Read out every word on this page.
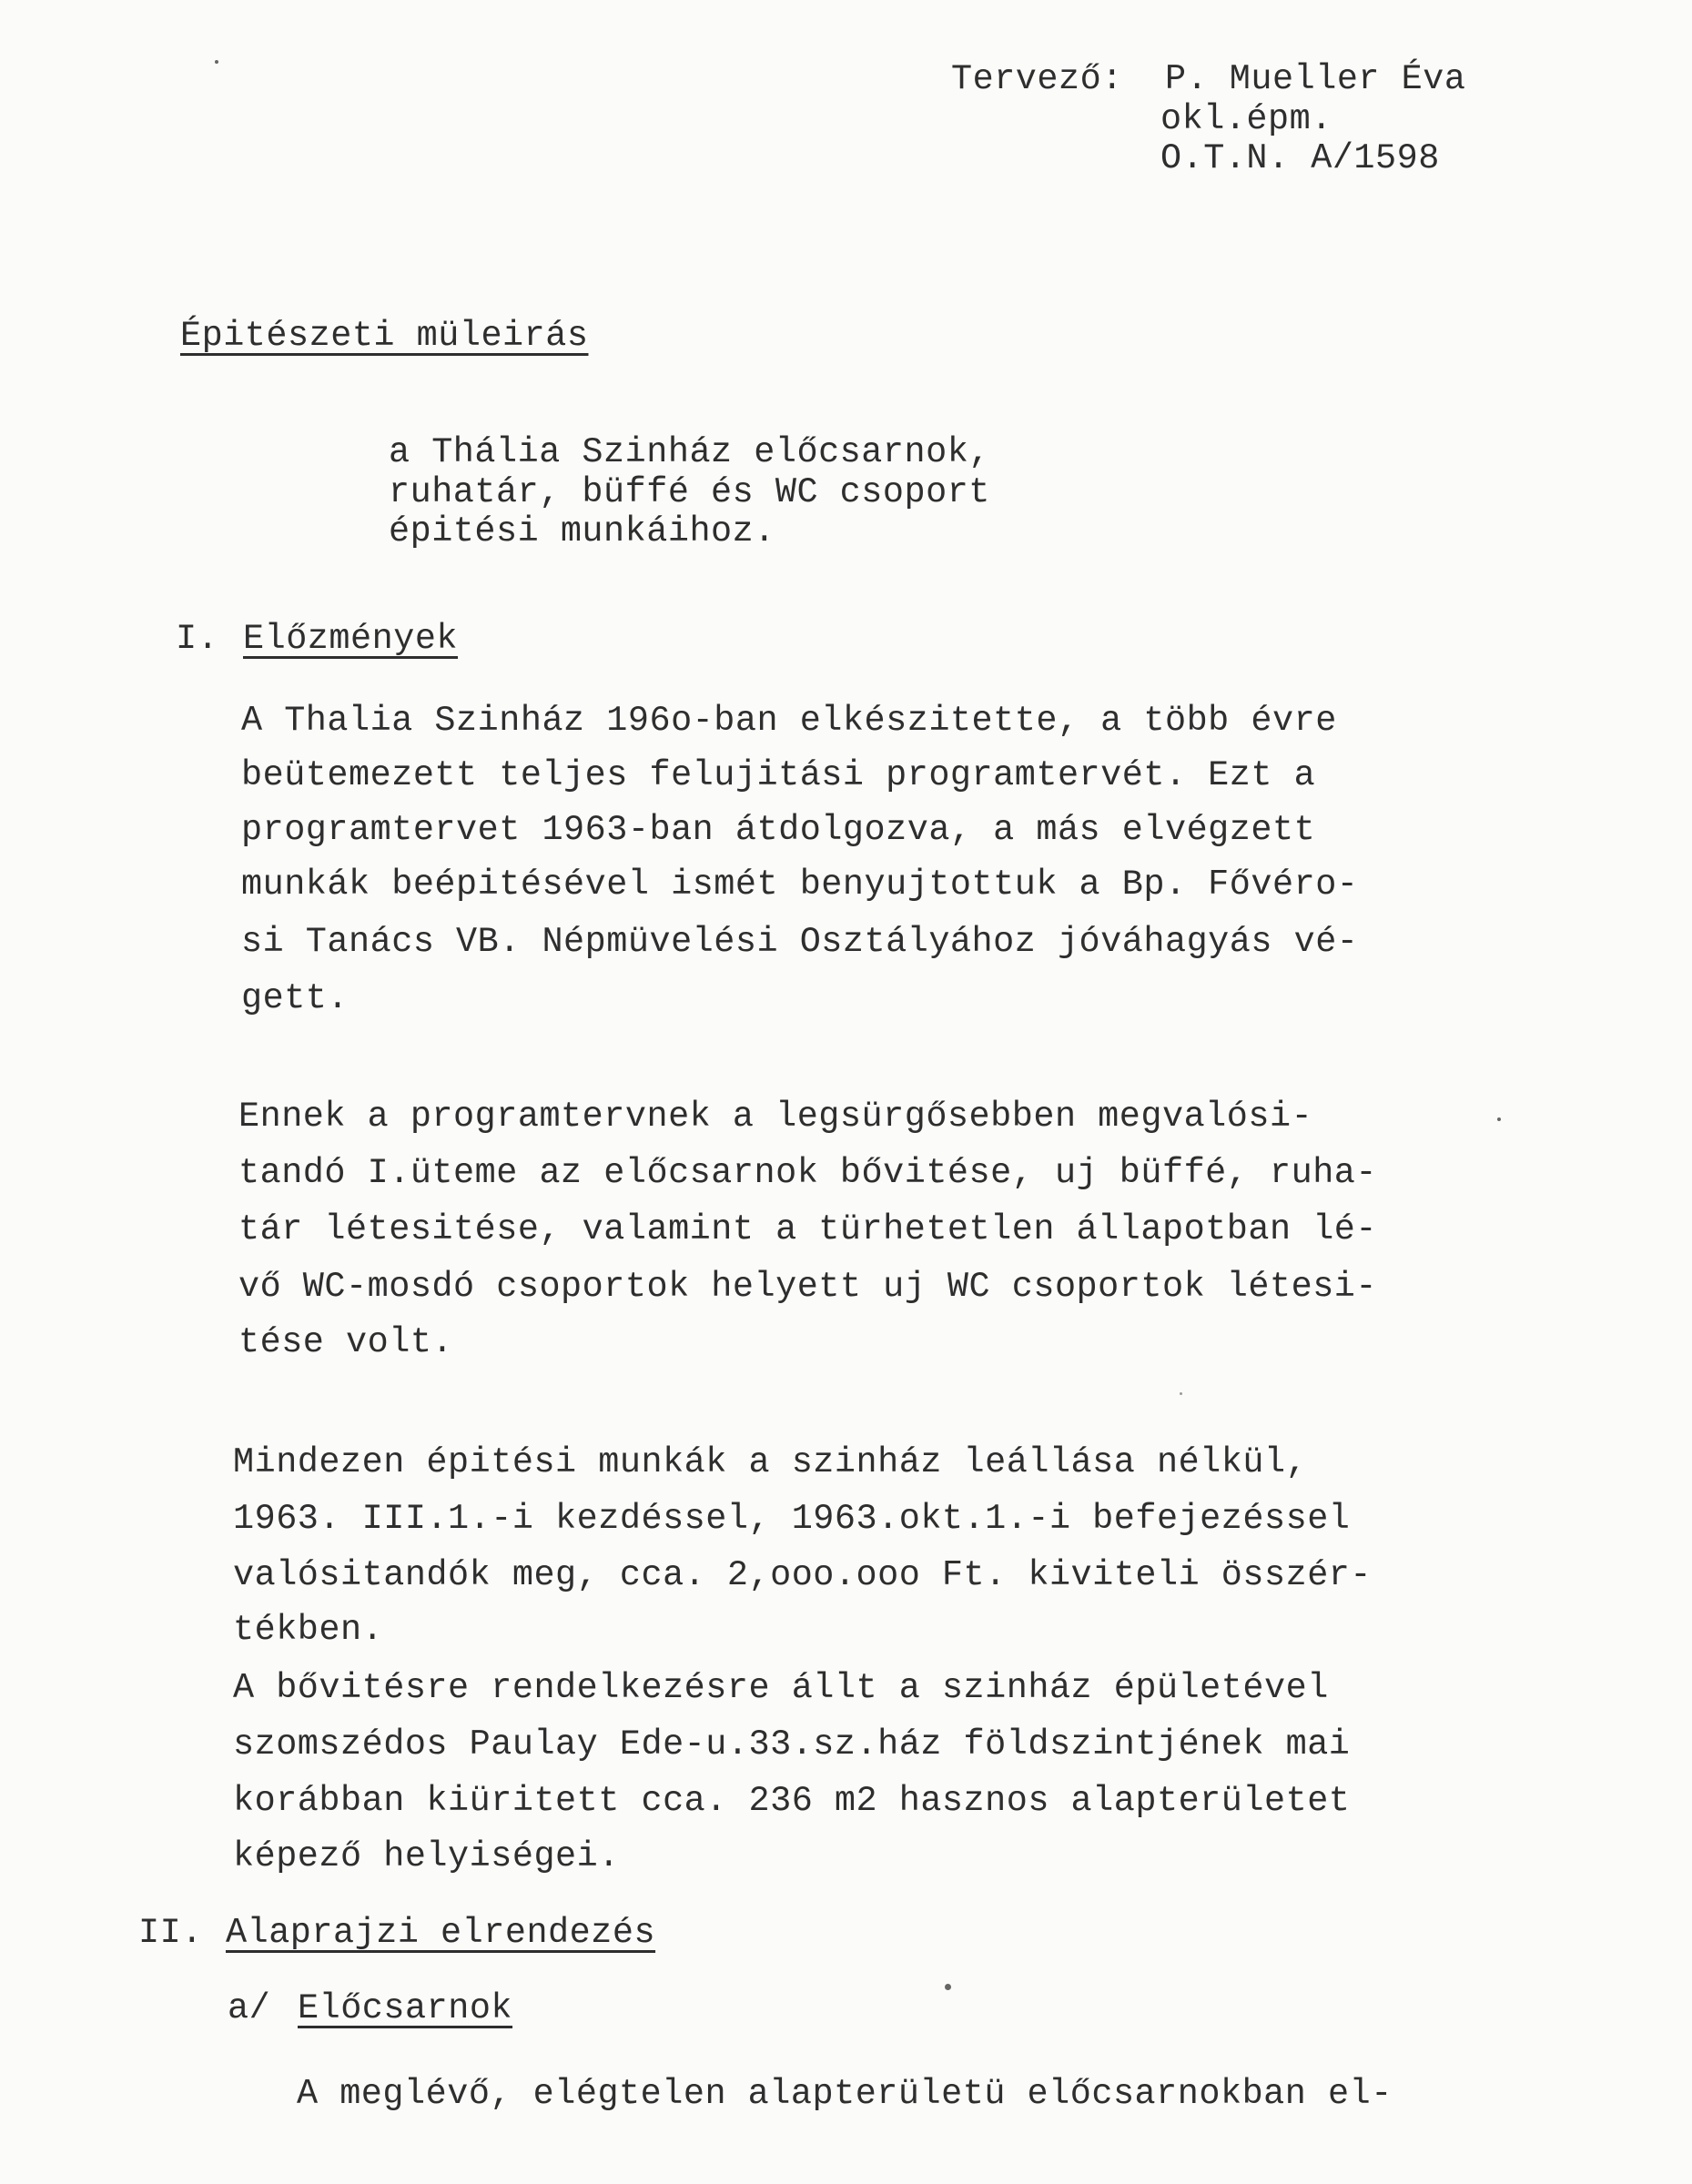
Tervező: P. Mueller Éva
okl.épm.
O.T.N. A/1598
Épitészeti müleirás
a Thália Szinház előcsarnok,
ruhatár, büffé és WC csoport
épitési munkáihoz.
I. Előzmények
A Thalia Szinház 196o-ban elkészitette, a több évre
beütemezett teljes felujitási programtervét. Ezt a
programtervet 1963-ban átdolgozva, a más elvégzett
munkák beépitésével ismét benyujtottuk a Bp. Fővéro-
si Tanács VB. Népmüvelési Osztályához jóváhagyás vé-
gett.
Ennek a programtervnek a legsürgősebben megvalósi-
tandó I.üteme az előcsarnok bővitése, uj büffé, ruha-
tár létesitése, valamint a türhetetlen állapotban lé-
vő WC-mosdó csoportok helyett uj WC csoportok létesi-
tése volt.
Mindezen épitési munkák a szinház leállása nélkül,
1963. III.1.-i kezdéssel, 1963.okt.1.-i befejezéssel
valósitandók meg, cca. 2,ooo.ooo Ft. kiviteli összér-
tékben.
A bővitésre rendelkezésre állt a szinház épületével
szomszédos Paulay Ede-u.33.sz.ház földszintjének mai
korábban kiüritett cca. 236 m2 hasznos alapterületet
képező helyiségei.
II. Alaprajzi elrendezés
a/ Előcsarnok
A meglévő, elégtelen alapterületü előcsarnokban el-
